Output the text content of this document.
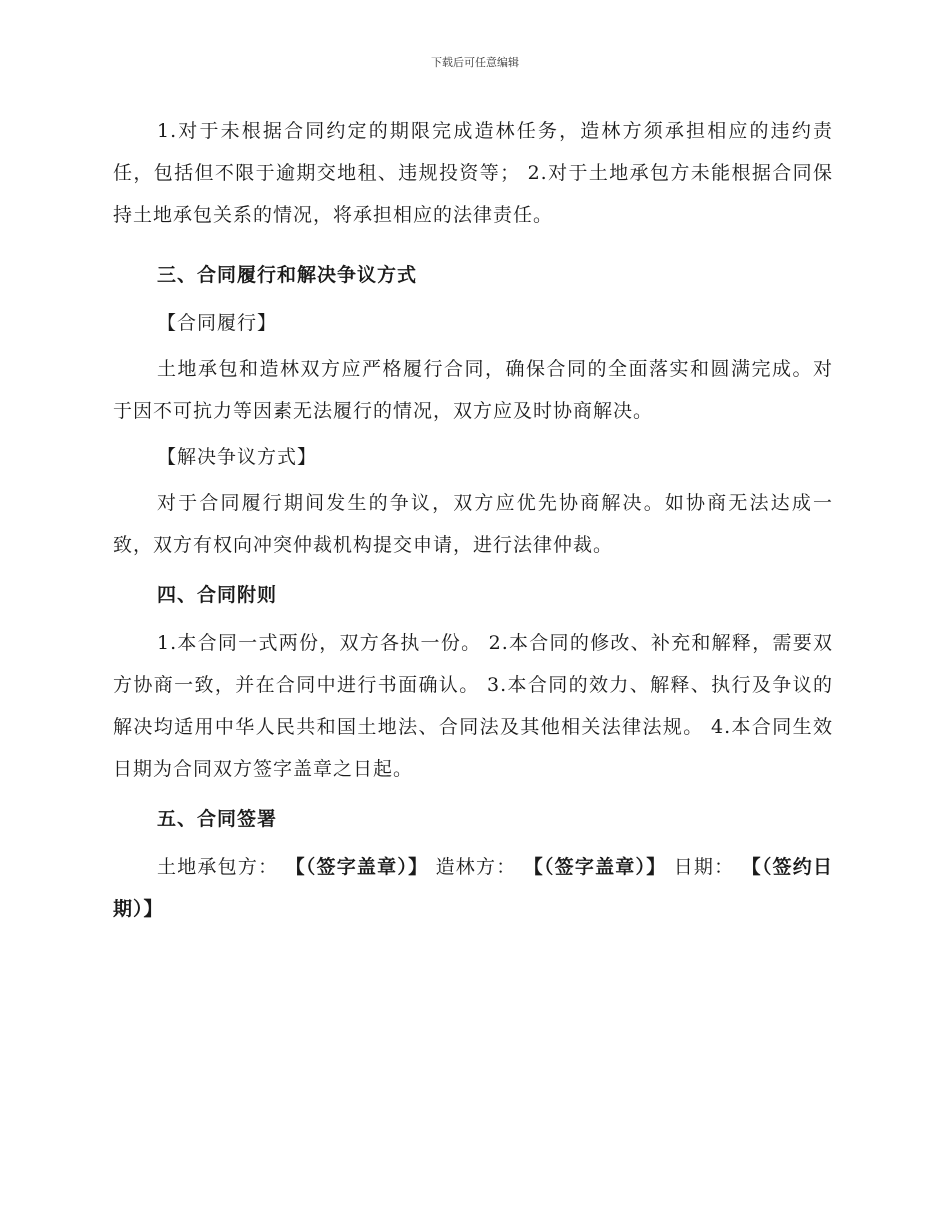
下载后可任意编辑

1.对于未根据合同约定的期限完成造林任务，造林方须承担相应的违约责任，包括但不限于逾期交地租、违规投资等； 2.对于土地承包方未能根据合同保持土地承包关系的情况，将承担相应的法律责任。

三、合同履行和解决争议方式

【合同履行】

土地承包和造林双方应严格履行合同，确保合同的全面落实和圆满完成。对于因不可抗力等因素无法履行的情况，双方应及时协商解决。

【解决争议方式】

对于合同履行期间发生的争议，双方应优先协商解决。如协商无法达成一致，双方有权向冲突仲裁机构提交申请，进行法律仲裁。

四、合同附则

1.本合同一式两份，双方各执一份。 2.本合同的修改、补充和解释，需要双方协商一致，并在合同中进行书面确认。 3.本合同的效力、解释、执行及争议的解决均适用中华人民共和国土地法、合同法及其他相关法律法规。 4.本合同生效日期为合同双方签字盖章之日起。

五、合同签署

土地承包方： 【（签字盖章）】 造林方： 【（签字盖章）】 日期： 【（签约日期）】
